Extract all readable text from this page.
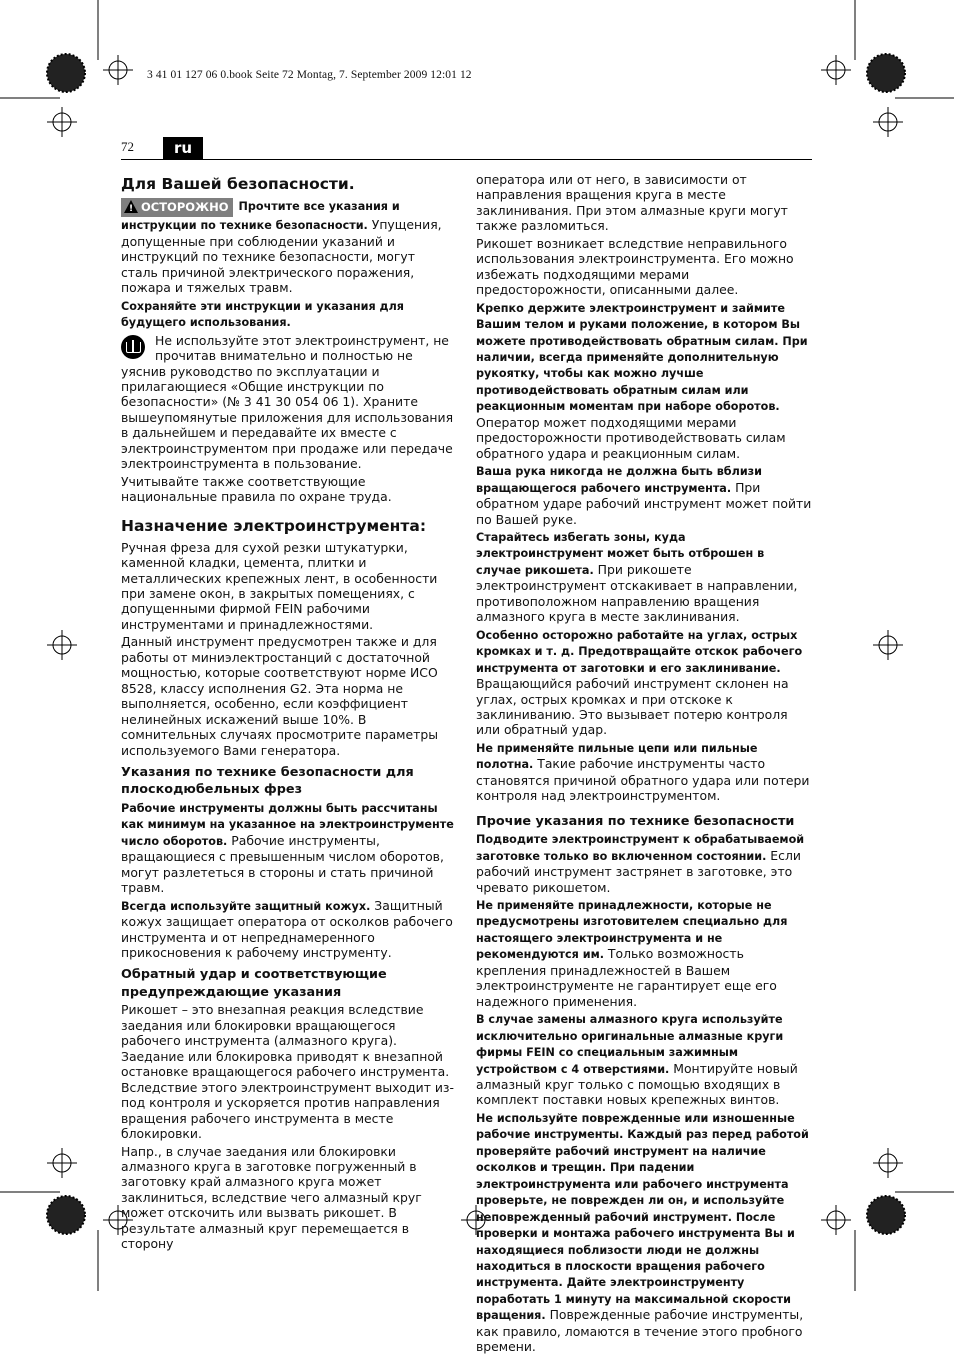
3 41 01 127 06 0.book Seite 72 Montag, 7. September 2009 12:01 12
72	ru
Для Вашей безопасности.

!ОСТОРОЖНО Прочтите все указания и инструкции по технике безопасности. Упущения, допущенные при соблюдении указаний и инструкций по технике безопасности, могут сталь причиной электрического поражения, пожара и тяжелых травм.

Сохраняйте эти инструкции и указания для будущего использования.

Не используйте этот электроинструмент, не прочитав внимательно и полностью не уяснив руководство по эксплуатации и прилагающиеся «Общие инструкции по безопасности» (№ 3 41 30 054 06 1). Храните вышеупомянутые приложения для использования в дальнейшем и передавайте их вместе с электроинструментом при продаже или передаче электроинструмента в пользование.

Учитывайте также соответствующие национальные правила по охране труда.

Назначение электроинструмента:

Ручная фреза для сухой резки штукатурки, каменной кладки, цемента, плитки и металлических крепежных лент, в особенности при замене окон, в закрытых помещениях, с допущенными фирмой FEIN рабочими инструментами и принадлежностями.

Данный инструмент предусмотрен также и для работы от миниэлектростанций с достаточной мощностью, которые соответствуют норме ИСО 8528, классу исполнения G2. Эта норма не выполняется, особенно, если коэффициент нелинейных искажений выше 10%. В сомнительных случаях просмотрите параметры используемого Вами генератора.

Указания по технике безопасности для плоскодюбельных фрез

Рабочие инструменты должны быть рассчитаны как минимум на указанное на электроинструменте число оборотов. Рабочие инструменты, вращающиеся с превышенным числом оборотов, могут разлететься в стороны и стать причиной травм.

Всегда используйте защитный кожух. Защитный кожух защищает оператора от осколков рабочего инструмента и от непреднамеренного прикосновения к рабочему инструменту.

Обратный удар и соответствующие предупреждающие указания

Рикошет – это внезапная реакция вследствие заедания или блокировки вращающегося рабочего инструмента (алмазного круга). Заедание или блокировка приводят к внезапной остановке вращающегося рабочего инструмента. Вследствие этого электроинструмент выходит из-под контроля и ускоряется против направления вращения рабочего инструмента в месте блокировки.

Напр., в случае заедания или блокировки алмазного круга в заготовке погруженный в заготовку край алмазного круга может заклиниться, вследствие чего алмазный круг может отскочить или вызвать рикошет. В результате алмазный круг перемещается в сторону

оператора или от него, в зависимости от направления вращения круга в месте заклинивания. При этом алмазные круги могут также разломиться.

Рикошет возникает вследствие неправильного использования электроинструмента. Его можно избежать подходящими мерами предосторожности, описанными далее.

Крепко держите электроинструмент и займите Вашим телом и руками положение, в котором Вы можете противодействовать обратным силам. При наличии, всегда применяйте дополнительную рукоятку, чтобы как можно лучше противодействовать обратным силам или реакционным моментам при наборе оборотов. Оператор может подходящими мерами предосторожности противодействовать силам обратного удара и реакционным силам.

Ваша рука никогда не должна быть вблизи вращающегося рабочего инструмента. При обратном ударе рабочий инструмент может пойти по Вашей руке.

Старайтесь избегать зоны, куда электроинструмент может быть отброшен в случае рикошета. При рикошете электроинструмент отскакивает в направлении, противоположном направлению вращения алмазного круга в месте заклинивания.

Особенно осторожно работайте на углах, острых кромках и т. д. Предотвращайте отскок рабочего инструмента от заготовки и его заклинивание. Вращающийся рабочий инструмент склонен на углах, острых кромках и при отскоке к заклиниванию. Это вызывает потерю контроля или обратный удар.

Не применяйте пильные цепи или пильные полотна. Такие рабочие инструменты часто становятся причиной обратного удара или потери контроля над электроинструментом.

Прочие указания по технике безопасности

Подводите электроинструмент к обрабатываемой заготовке только во включенном состоянии. Если рабочий инструмент застрянет в заготовке, это чревато рикошетом.

Не применяйте принадлежности, которые не предусмотрены изготовителем специально для настоящего электроинструмента и не рекомендуются им. Только возможность крепления принадлежностей в Вашем электроинструменте не гарантирует еще его надежного применения.

В случае замены алмазного круга используйте исключительно оригинальные алмазные круги фирмы FEIN со специальным зажимным устройством с 4 отверстиями. Монтируйте новый алмазный круг только с помощью входящих в комплект поставки новых крепежных винтов.

Не используйте поврежденные или изношенные рабочие инструменты. Каждый раз перед работой проверяйте рабочий инструмент на наличие осколков и трещин. При падении электроинструмента или рабочего инструмента проверьте, не поврежден ли он, и используйте неповрежденный рабочий инструмент. После проверки и монтажа рабочего инструмента Вы и находящиеся поблизости люди не должны находиться в плоскости вращения рабочего инструмента. Дайте электроинструменту поработать 1 минуту на максимальной скорости вращения. Поврежденные рабочие инструменты, как правило, ломаются в течение этого пробного времени.
